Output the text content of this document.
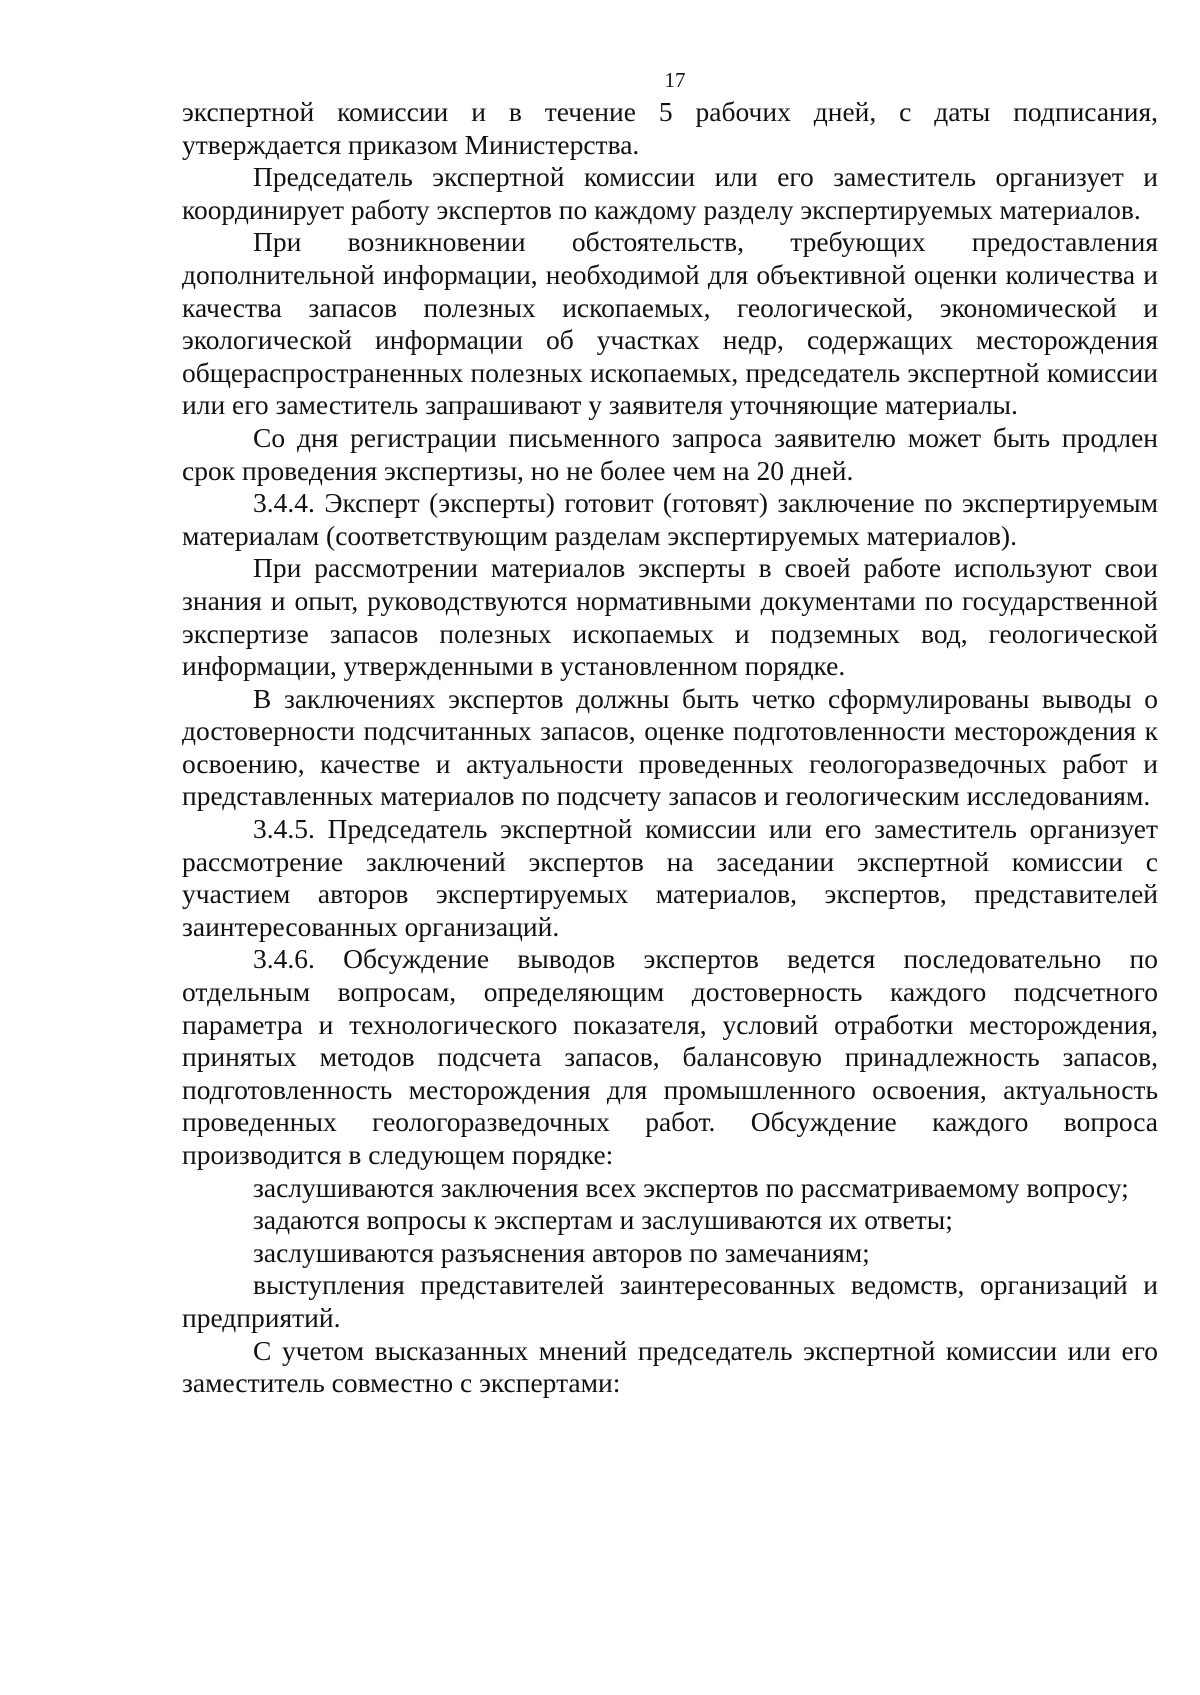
17

экспертной комиссии и в течение 5 рабочих дней, с даты подписания, утверждается приказом Министерства.

Председатель экспертной комиссии или его заместитель организует и координирует работу экспертов по каждому разделу экспертируемых материалов.

При возникновении обстоятельств, требующих предоставления дополнительной информации, необходимой для объективной оценки количества и качества запасов полезных ископаемых, геологической, экономической и экологической информации об участках недр, содержащих месторождения общераспространенных полезных ископаемых, председатель экспертной комиссии или его заместитель запрашивают у заявителя уточняющие материалы.

Со дня регистрации письменного запроса заявителю может быть продлен срок проведения экспертизы, но не более чем на 20 дней.

3.4.4. Эксперт (эксперты) готовит (готовят) заключение по экспертируемым материалам (соответствующим разделам экспертируемых материалов).

При рассмотрении материалов эксперты в своей работе используют свои знания и опыт, руководствуются нормативными документами по государственной экспертизе запасов полезных ископаемых и подземных вод, геологической информации, утвержденными в установленном порядке.

В заключениях экспертов должны быть четко сформулированы выводы о достоверности подсчитанных запасов, оценке подготовленности месторождения к освоению, качестве и актуальности проведенных геологоразведочных работ и представленных материалов по подсчету запасов и геологическим исследованиям.

3.4.5. Председатель экспертной комиссии или его заместитель организует рассмотрение заключений экспертов на заседании экспертной комиссии с участием авторов экспертируемых материалов, экспертов, представителей заинтересованных организаций.

3.4.6. Обсуждение выводов экспертов ведется последовательно по отдельным вопросам, определяющим достоверность каждого подсчетного параметра и технологического показателя, условий отработки месторождения, принятых методов подсчета запасов, балансовую принадлежность запасов, подготовленность месторождения для промышленного освоения, актуальность проведенных геологоразведочных работ. Обсуждение каждого вопроса производится в следующем порядке:

заслушиваются заключения всех экспертов по рассматриваемому вопросу;

задаются вопросы к экспертам и заслушиваются их ответы;

заслушиваются разъяснения авторов по замечаниям;

выступления представителей заинтересованных ведомств, организаций и предприятий.

С учетом высказанных мнений председатель экспертной комиссии или его заместитель совместно с экспертами:
